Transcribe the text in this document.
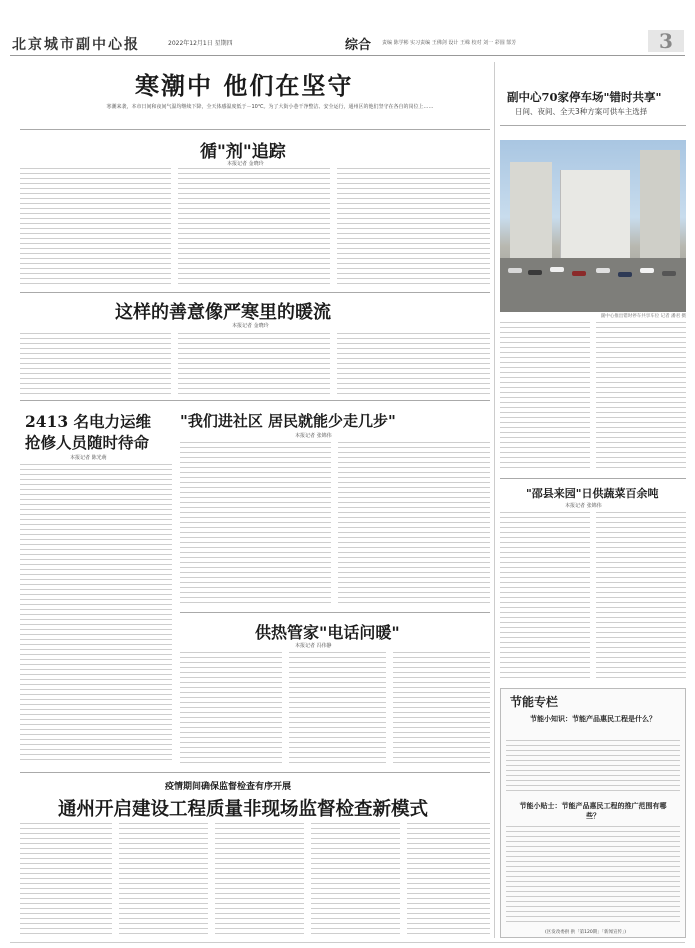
北京城市副中心报	2022年12月1日 星期四	综合 责编 陈学彬 实习责编 王佛剑 设计 王嵘 校对 刘一 彩圆 郜芳	3
寒潮中 他们在坚守
寒潮来袭，本市日间和夜间气温均继续下降，全天体感温度低于－10℃。为了大街小巷干净整洁、安全运行，通州区的他们坚守在各自的岗位上……
循"剂"追踪
本报记者 金晓玲
这样的善意像严寒里的暖流
本报记者 金晓玲
2413 名电力运维
抢修人员随时待命
本报记者 陈光萌
"我们进社区 居民就能少走几步"
本报记者 张锦伟
供热管家"电话问暖"
本报记者 冯伟静
疫情期间确保监督检查有序开展
通州开启建设工程质量非现场监督检查新模式
副中心70家停车场"错时共享"
日间、夜间、全天3种方案可供车主选择
副中心推出错时停车共享车位 记者 潘君 摄
"邵县来园"日供蔬菜百余吨
本报记者 张锦伟
节能专栏
节能小知识：节能产品惠民工程是什么？
节能小贴士：节能产品惠民工程的推广范围有哪些？
(区发改委供 供「第120期」「新闻宣传」)
